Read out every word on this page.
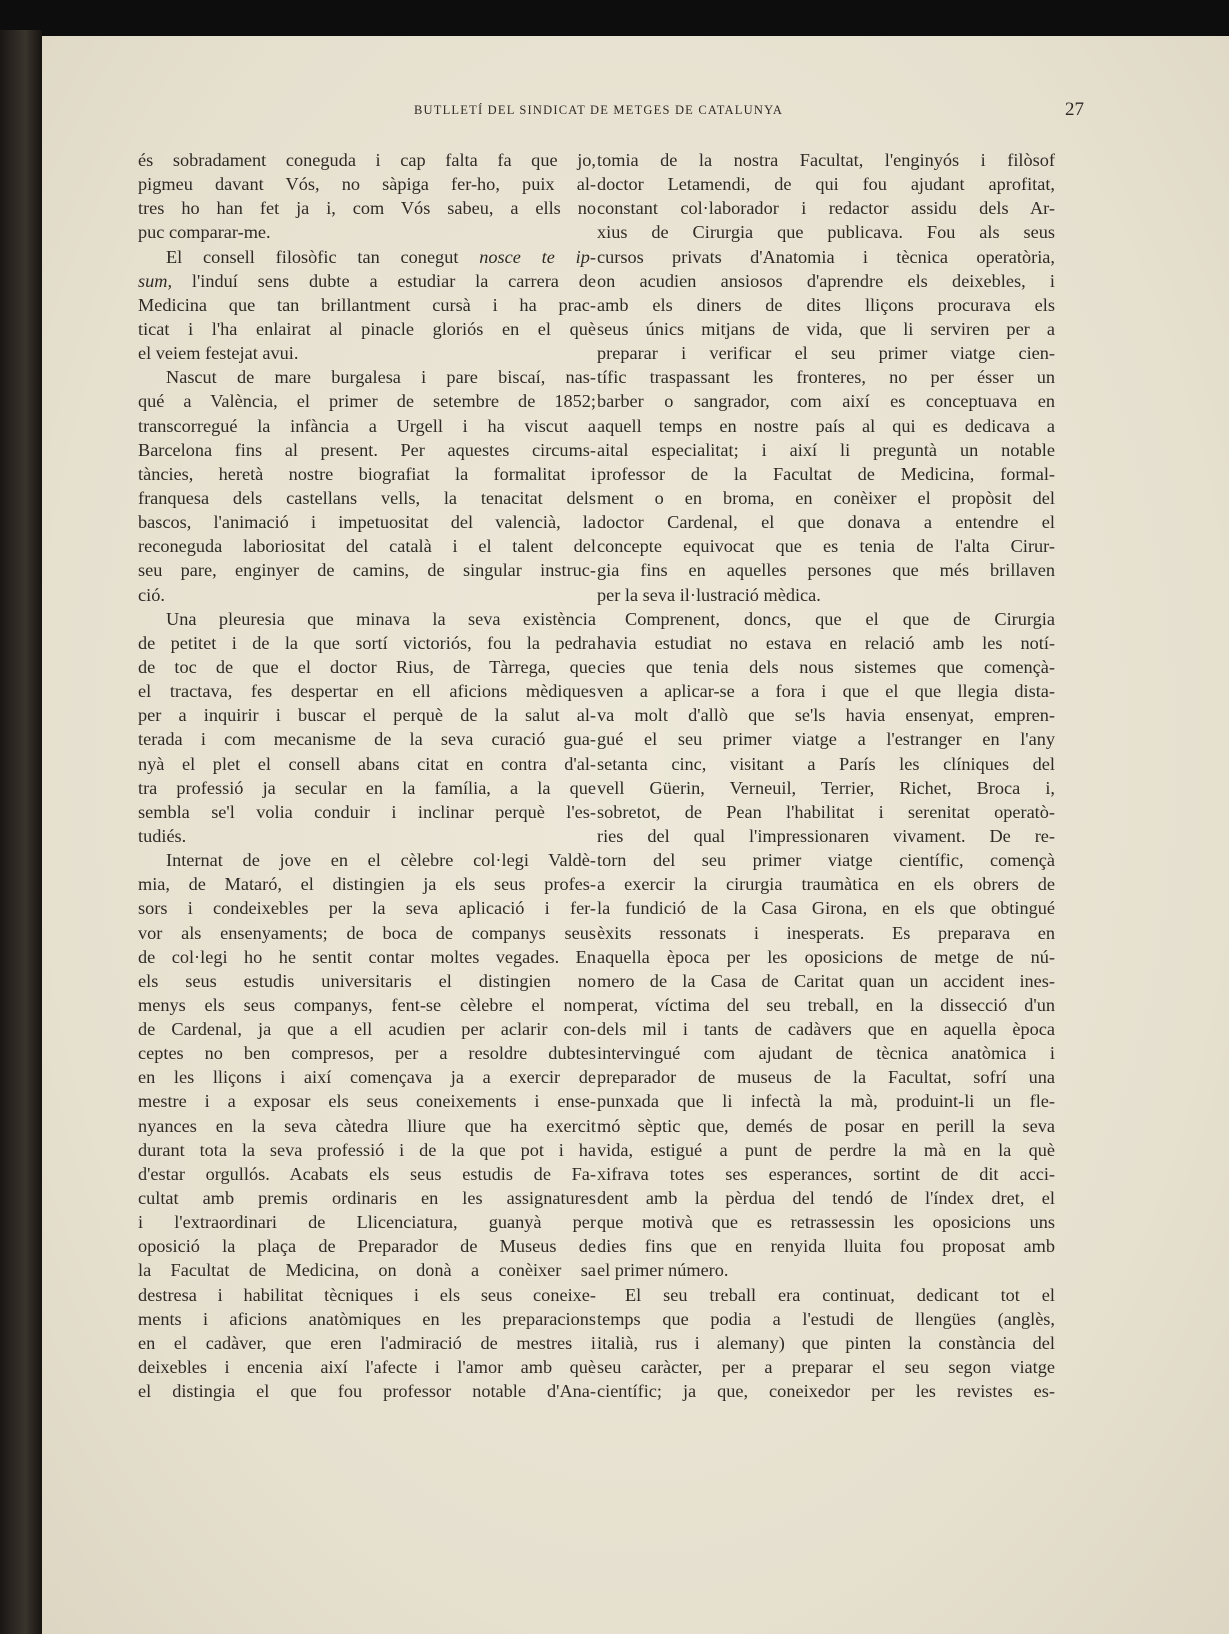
BUTLLETÍ DEL SINDICAT DE METGES DE CATALUNYA	27
és sobradament coneguda i cap falta fa que jo,
pigmeu davant Vós, no sàpiga fer-ho, puix al-
tres ho han fet ja i, com Vós sabeu, a ells no
puc comparar-me.
El consell filosòfic tan conegut nosce te ip-
sum, l'induí sens dubte a estudiar la carrera de
Medicina que tan brillantment cursà i ha prac-
ticat i l'ha enlairat al pinacle gloriós en el què
el veiem festejat avui.
Nascut de mare burgalesa i pare biscaí, nas-
qué a València, el primer de setembre de 1852;
transcorregué la infància a Urgell i ha viscut a
Barcelona fins al present. Per aquestes circums-
tàncies, heretà nostre biografiat la formalitat i
franquesa dels castellans vells, la tenacitat dels
bascos, l'animació i impetuositat del valencià, la
reconeguda laboriositat del català i el talent del
seu pare, enginyer de camins, de singular instruc-
ció.
Una pleuresia que minava la seva existència
de petitet i de la que sortí victoriós, fou la pedra
de toc de que el doctor Rius, de Tàrrega, que
el tractava, fes despertar en ell aficions mèdiques
per a inquirir i buscar el perquè de la salut al-
terada i com mecanisme de la seva curació gua-
nyà el plet el consell abans citat en contra d'al-
tra professió ja secular en la família, a la que
sembla se'l volia conduir i inclinar perquè l'es-
tudiés.
Internat de jove en el cèlebre col·legi Valdè-
mia, de Mataró, el distingien ja els seus profes-
sors i condeixebles per la seva aplicació i fer-
vor als ensenyaments; de boca de companys seus
de col·legi ho he sentit contar moltes vegades. En
els seus estudis universitaris el distingien no
menys els seus companys, fent-se cèlebre el nom
de Cardenal, ja que a ell acudien per aclarir con-
ceptes no ben compresos, per a resoldre dubtes
en les lliçons i així començava ja a exercir de
mestre i a exposar els seus coneixements i ense-
nyances en la seva càtedra lliure que ha exercit
durant tota la seva professió i de la que pot i ha
d'estar orgullós. Acabats els seus estudis de Fa-
cultat amb premis ordinaris en les assignatures
i l'extraordinari de Llicenciatura, guanyà per
oposició la plaça de Preparador de Museus de
la Facultat de Medicina, on donà a conèixer sa
destresa i habilitat tècniques i els seus coneixe-
ments i aficions anatòmiques en les preparacions
en el cadàver, que eren l'admiració de mestres i
deixebles i encenia així l'afecte i l'amor amb què
el distingia el que fou professor notable d'Ana-
tomia de la nostra Facultat, l'enginyós i filòsof
doctor Letamendi, de qui fou ajudant aprofitat,
constant col·laborador i redactor assidu dels Ar-
xius de Cirurgia que publicava. Fou als seus
cursos privats d'Anatomia i tècnica operatòria,
on acudien ansiosos d'aprendre els deixebles, i
amb els diners de dites lliçons procurava els
seus únics mitjans de vida, que li serviren per a
preparar i verificar el seu primer viatge cien-
tífic traspassant les fronteres, no per ésser un
barber o sangrador, com així es conceptuava en
aquell temps en nostre país al qui es dedicava a
aital especialitat; i així li preguntà un notable
professor de la Facultat de Medicina, formal-
ment o en broma, en conèixer el propòsit del
doctor Cardenal, el que donava a entendre el
concepte equivocat que es tenia de l'alta Cirur-
gia fins en aquelles persones que més brillaven
per la seva il·lustració mèdica.
Comprenent, doncs, que el que de Cirurgia
havia estudiat no estava en relació amb les notí-
cies que tenia dels nous sistemes que començà-
ven a aplicar-se a fora i que el que llegia dista-
va molt d'allò que se'ls havia ensenyat, empren-
gué el seu primer viatge a l'estranger en l'any
setanta cinc, visitant a París les clíniques del
vell Güerin, Verneuil, Terrier, Richet, Broca i,
sobretot, de Pean l'habilitat i serenitat operatò-
ries del qual l'impressionaren vivament. De re-
torn del seu primer viatge científic, començà
a exercir la cirurgia traumàtica en els obrers de
la fundició de la Casa Girona, en els que obtingué
èxits ressonats i inesperats. Es preparava en
aquella època per les oposicions de metge de nú-
mero de la Casa de Caritat quan un accident ines-
perat, víctima del seu treball, en la dissecció d'un
dels mil i tants de cadàvers que en aquella època
intervingué com ajudant de tècnica anatòmica i
preparador de museus de la Facultat, sofrí una
punxada que li infectà la mà, produint-li un fle-
mó sèptic que, demés de posar en perill la seva
vida, estigué a punt de perdre la mà en la què
xifrava totes ses esperances, sortint de dit acci-
dent amb la pèrdua del tendó de l'índex dret, el
que motivà que es retrassessin les oposicions uns
dies fins que en renyida lluita fou proposat amb
el primer número.
El seu treball era continuat, dedicant tot el
temps que podia a l'estudi de llengües (anglès,
italià, rus i alemany) que pinten la constància del
seu caràcter, per a preparar el seu segon viatge
científic; ja que, coneixedor per les revistes es-
